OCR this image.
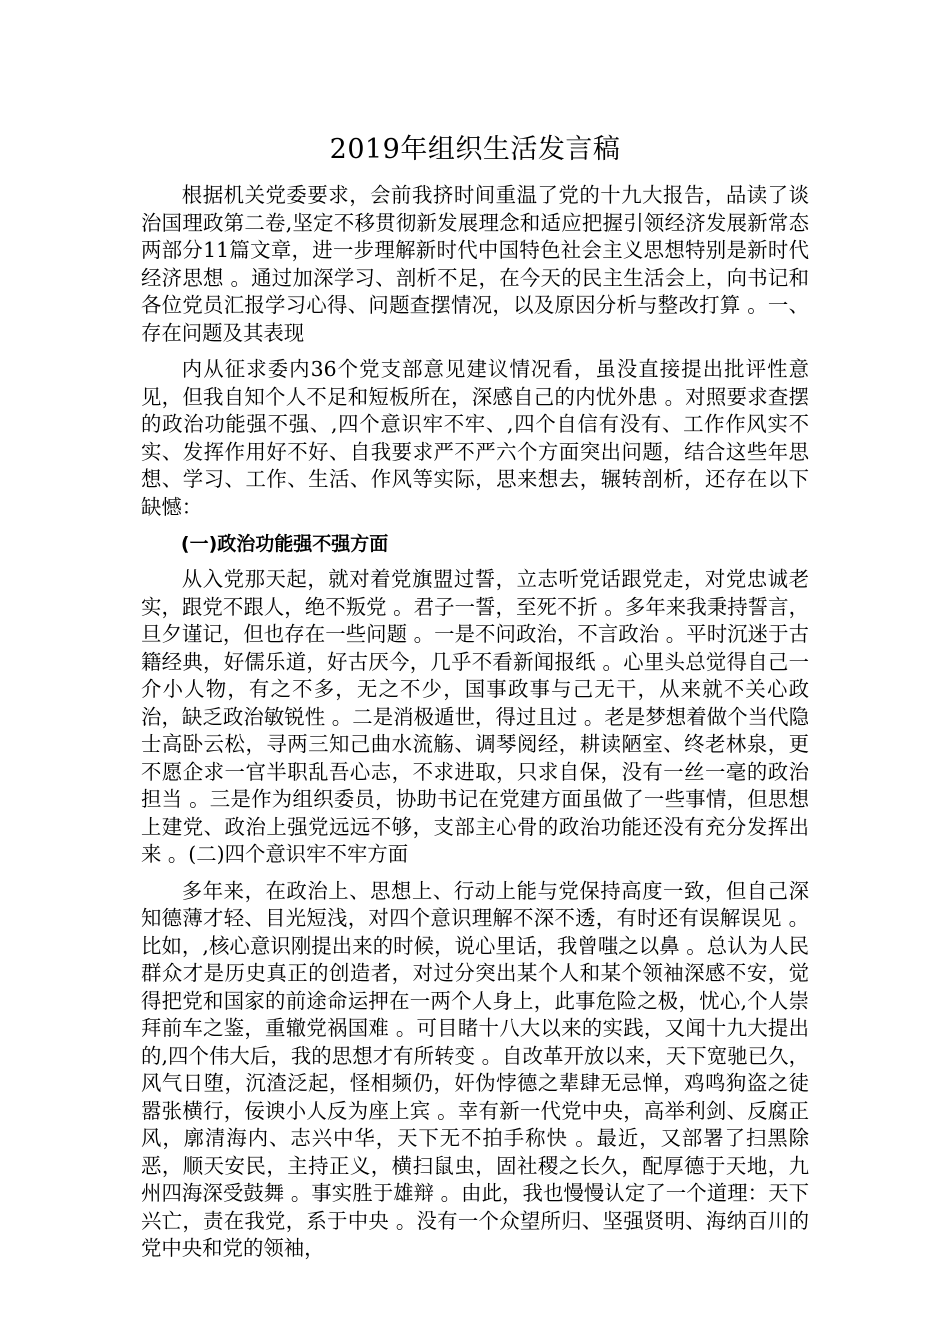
2019年组织生活发言稿

根据机关党委要求，会前我挤时间重温了党的十九大报告，品读了谈治国理政第二卷,坚定不移贯彻新发展理念和适应把握引领经济发展新常态两部分11篇文章，进一步理解新时代中国特色社会主义思想特别是新时代经济思想 。通过加深学习、剖析不足，在今天的民主生活会上，向书记和各位党员汇报学习心得、问题查摆情况，以及原因分析与整改打算 。一、存在问题及其表现

内从征求委内36个党支部意见建议情况看，虽没直接提出批评性意见，但我自知个人不足和短板所在，深感自己的内忧外患 。对照要求查摆的政治功能强不强、,四个意识牢不牢、,四个自信有没有、工作作风实不实、发挥作用好不好、自我要求严不严六个方面突出问题，结合这些年思想、学习、工作、生活、作风等实际，思来想去，辗转剖析，还存在以下缺憾：

(一)政治功能强不强方面

从入党那天起，就对着党旗盟过誓，立志听党话跟党走，对党忠诚老实，跟党不跟人，绝不叛党 。君子一誓，至死不折 。多年来我秉持誓言，旦夕谨记，但也存在一些问题 。一是不问政治，不言政治 。平时沉迷于古籍经典，好儒乐道，好古厌今，几乎不看新闻报纸 。心里头总觉得自己一介小人物，有之不多，无之不少，国事政事与己无干，从来就不关心政治，缺乏政治敏锐性 。二是消极遁世，得过且过 。老是梦想着做个当代隐士高卧云松，寻两三知己曲水流觞、调琴阅经，耕读陋室、终老林泉，更不愿企求一官半职乱吾心志，不求进取，只求自保，没有一丝一毫的政治担当 。三是作为组织委员，协助书记在党建方面虽做了一些事情，但思想上建党、政治上强党远远不够，支部主心骨的政治功能还没有充分发挥出来 。(二)四个意识牢不牢方面

多年来，在政治上、思想上、行动上能与党保持高度一致，但自己深知德薄才轻、目光短浅，对四个意识理解不深不透，有时还有误解误见 。比如，,核心意识刚提出来的时候，说心里话，我曾嗤之以鼻 。总认为人民群众才是历史真正的创造者，对过分突出某个人和某个领袖深感不安，觉得把党和国家的前途命运押在一两个人身上，此事危险之极，忧心,个人崇拜前车之鉴，重辙党祸国难 。可目睹十八大以来的实践，又闻十九大提出的,四个伟大后，我的思想才有所转变 。自改革开放以来，天下宽驰已久，风气日堕，沉渣泛起，怪相频仍，奸伪悖德之辈肆无忌惮，鸡鸣狗盗之徒嚣张横行，佞谀小人反为座上宾 。幸有新一代党中央，高举利剑、反腐正风，廓清海内、志兴中华，天下无不拍手称快 。最近，又部署了扫黑除恶，顺天安民，主持正义，横扫鼠虫，固社稷之长久，配厚德于天地，九州四海深受鼓舞 。事实胜于雄辩 。由此，我也慢慢认定了一个道理：天下兴亡，责在我党，系于中央 。没有一个众望所归、坚强贤明、海纳百川的党中央和党的领袖，
